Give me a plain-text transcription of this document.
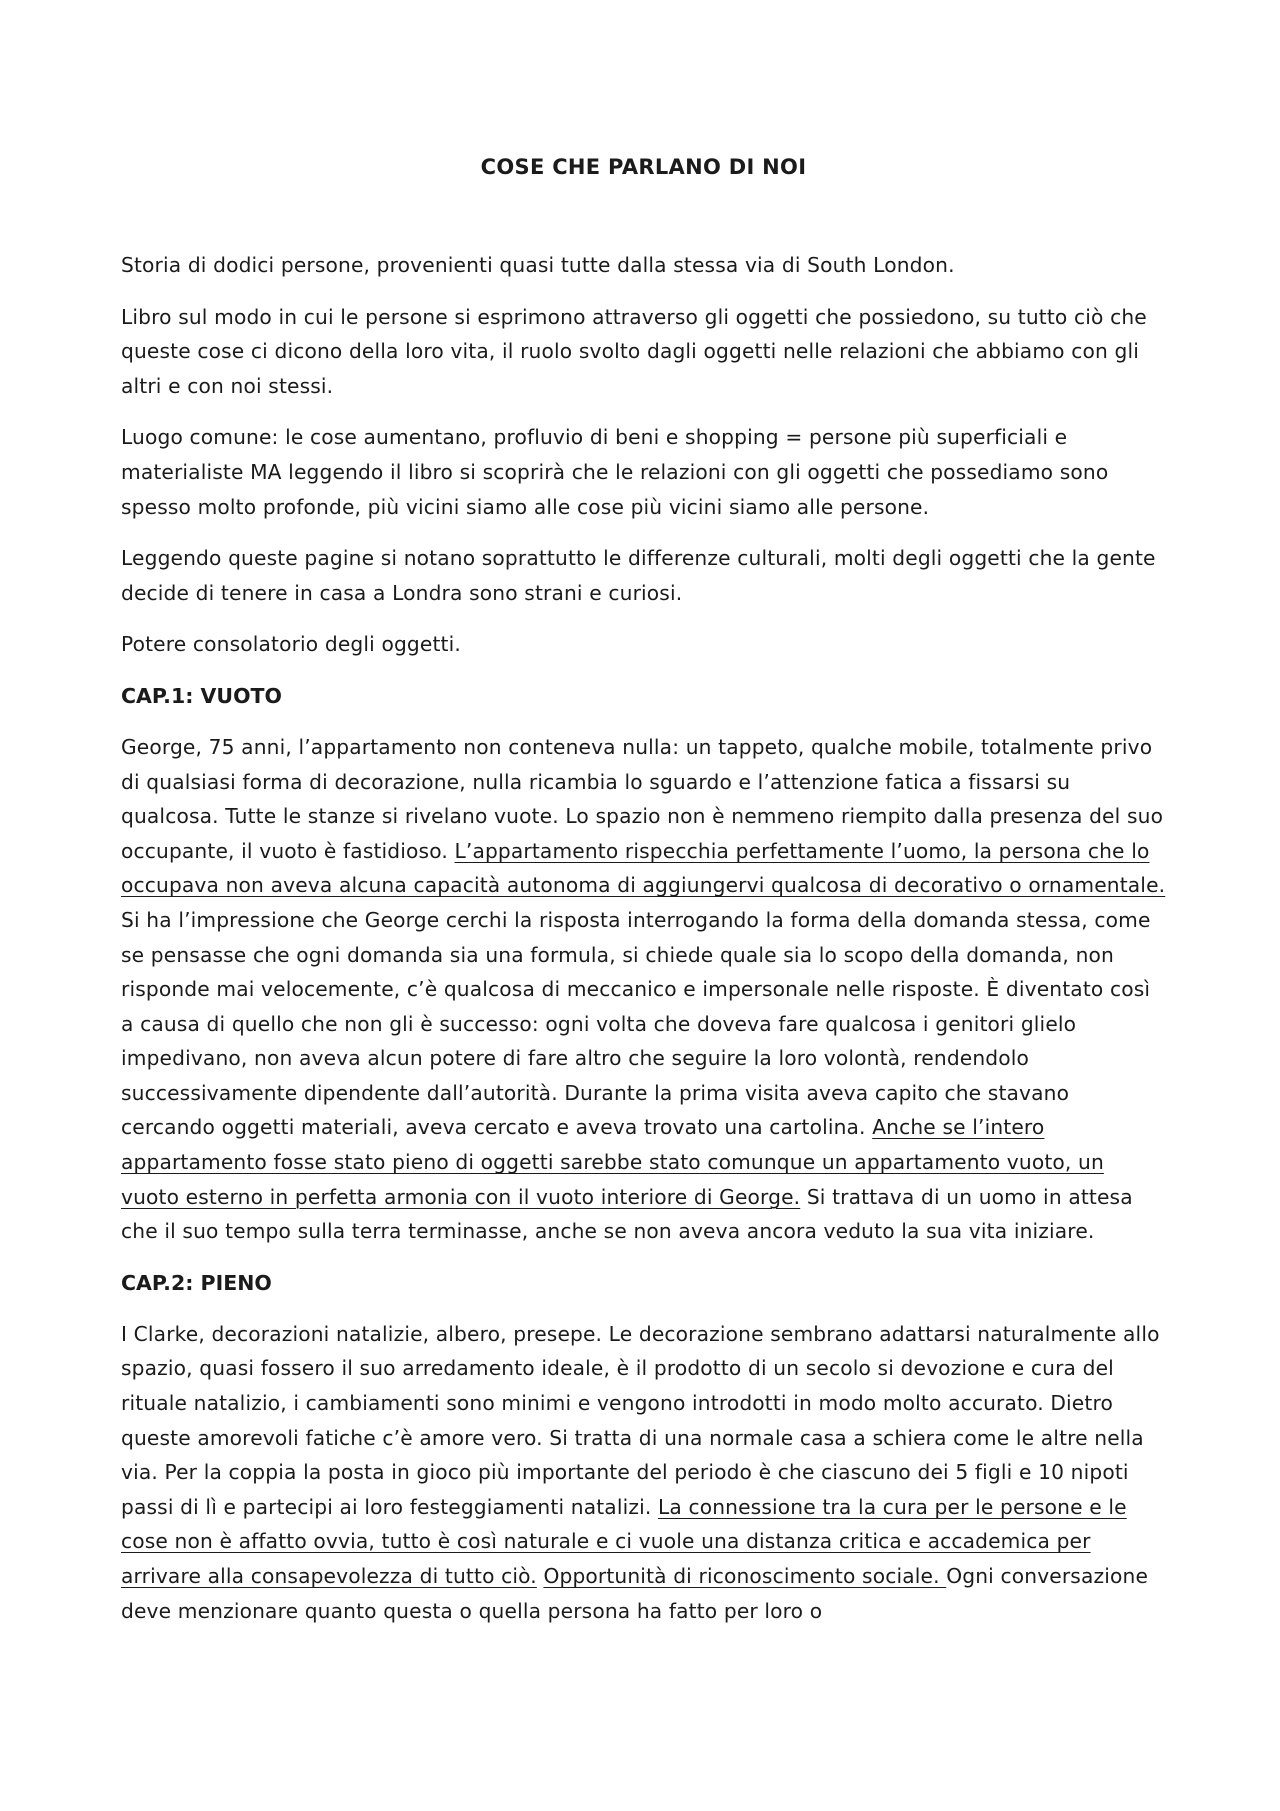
COSE CHE PARLANO DI NOI

Storia di dodici persone, provenienti quasi tutte dalla stessa via di South London.

Libro sul modo in cui le persone si esprimono attraverso gli oggetti che possiedono, su tutto ciò che queste cose ci dicono della loro vita, il ruolo svolto dagli oggetti nelle relazioni che abbiamo con gli altri e con noi stessi.

Luogo comune: le cose aumentano, profluvio di beni e shopping = persone più superficiali e materialiste MA leggendo il libro si scoprirà che le relazioni con gli oggetti che possediamo sono spesso molto profonde, più vicini siamo alle cose più vicini siamo alle persone.

Leggendo queste pagine si notano soprattutto le differenze culturali, molti degli oggetti che la gente decide di tenere in casa a Londra sono strani e curiosi.

Potere consolatorio degli oggetti.

CAP.1: VUOTO

George, 75 anni, l’appartamento non conteneva nulla: un tappeto, qualche mobile, totalmente privo di qualsiasi forma di decorazione, nulla ricambia lo sguardo e l’attenzione fatica a fissarsi su qualcosa. Tutte le stanze si rivelano vuote. Lo spazio non è nemmeno riempito dalla presenza del suo occupante, il vuoto è fastidioso. L’appartamento rispecchia perfettamente l’uomo, la persona che lo occupava non aveva alcuna capacità autonoma di aggiungervi qualcosa di decorativo o ornamentale. Si ha l’impressione che George cerchi la risposta interrogando la forma della domanda stessa, come se pensasse che ogni domanda sia una formula, si chiede quale sia lo scopo della domanda, non risponde mai velocemente, c’è qualcosa di meccanico e impersonale nelle risposte. È diventato così a causa di quello che non gli è successo: ogni volta che doveva fare qualcosa i genitori glielo impedivano, non aveva alcun potere di fare altro che seguire la loro volontà, rendendolo successivamente dipendente dall’autorità. Durante la prima visita aveva capito che stavano cercando oggetti materiali, aveva cercato e aveva trovato una cartolina. Anche se l’intero appartamento fosse stato pieno di oggetti sarebbe stato comunque un appartamento vuoto, un vuoto esterno in perfetta armonia con il vuoto interiore di George. Si trattava di un uomo in attesa che il suo tempo sulla terra terminasse, anche se non aveva ancora veduto la sua vita iniziare.

CAP.2: PIENO

I Clarke, decorazioni natalizie, albero, presepe. Le decorazione sembrano adattarsi naturalmente allo spazio, quasi fossero il suo arredamento ideale, è il prodotto di un secolo si devozione e cura del rituale natalizio, i cambiamenti sono minimi e vengono introdotti in modo molto accurato. Dietro queste amorevoli fatiche c’è amore vero. Si tratta di una normale casa a schiera come le altre nella via. Per la coppia la posta in gioco più importante del periodo è che ciascuno dei 5 figli e 10 nipoti passi di lì e partecipi ai loro festeggiamenti natalizi. La connessione tra la cura per le persone e le cose non è affatto ovvia, tutto è così naturale e ci vuole una distanza critica e accademica per arrivare alla consapevolezza di tutto ciò. Opportunità di riconoscimento sociale. Ogni conversazione deve menzionare quanto questa o quella persona ha fatto per loro o
